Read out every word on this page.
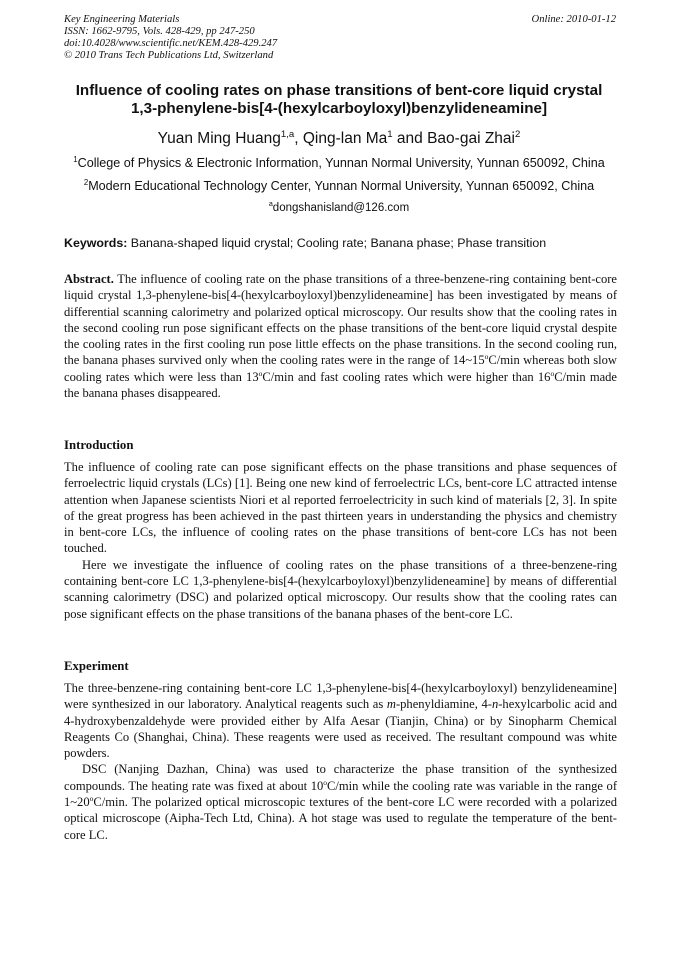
Key Engineering Materials
ISSN: 1662-9795, Vols. 428-429, pp 247-250
doi:10.4028/www.scientific.net/KEM.428-429.247
© 2010 Trans Tech Publications Ltd, Switzerland
Online: 2010-01-12
Influence of cooling rates on phase transitions of bent-core liquid crystal
1,3-phenylene-bis[4-(hexylcarboyloxyl)benzylideneamine]
Yuan Ming Huang$^{1,a}$, Qing-lan Ma$^1$ and Bao-gai Zhai$^2$
$^1$College of Physics & Electronic Information, Yunnan Normal University, Yunnan 650092, China
$^2$Modern Educational Technology Center, Yunnan Normal University, Yunnan 650092, China
$^a$dongshanisland@126.com
Keywords: Banana-shaped liquid crystal; Cooling rate; Banana phase; Phase transition

Abstract. The influence of cooling rate on the phase transitions of a three-benzene-ring containing bent-core liquid crystal 1,3-phenylene-bis[4-(hexylcarboyloxyl)benzylideneamine] has been investigated by means of differential scanning calorimetry and polarized optical microscopy. Our results show that the cooling rates in the second cooling run pose significant effects on the phase transitions of the bent-core liquid crystal despite the cooling rates in the first cooling run pose little effects on the phase transitions. In the second cooling run, the banana phases survived only when the cooling rates were in the range of 14~15$^o$C/min whereas both slow cooling rates which were less than 13$^o$C/min and fast cooling rates which were higher than 16$^o$C/min made the banana phases disappeared.

Introduction

The influence of cooling rate can pose significant effects on the phase transitions and phase sequences of ferroelectric liquid crystals (LCs) [1]. Being one new kind of ferroelectric LCs, bent-core LC attracted intense attention when Japanese scientists Niori et al reported ferroelectricity in such kind of materials [2, 3]. In spite of the great progress has been achieved in the past thirteen years in understanding the physics and chemistry in bent-core LCs, the influence of cooling rates on the phase transitions of bent-core LCs has not been touched.

Here we investigate the influence of cooling rates on the phase transitions of a three-benzene-ring containing bent-core LC 1,3-phenylene-bis[4-(hexylcarboyloxyl)benzylideneamine] by means of differential scanning calorimetry (DSC) and polarized optical microscopy. Our results show that the cooling rates can pose significant effects on the phase transitions of the banana phases of the bent-core LC.

Experiment

The three-benzene-ring containing bent-core LC 1,3-phenylene-bis[4-(hexylcarboyloxyl) benzylideneamine] were synthesized in our laboratory. Analytical reagents such as m-phenyldiamine, 4-n-hexylcarbolic acid and 4-hydroxybenzaldehyde were provided either by Alfa Aesar (Tianjin, China) or by Sinopharm Chemical Reagents Co (Shanghai, China). These reagents were used as received. The resultant compound was white powders.

DSC (Nanjing Dazhan, China) was used to characterize the phase transition of the synthesized compounds. The heating rate was fixed at about 10$^o$C/min while the cooling rate was variable in the range of 1~20$^o$C/min. The polarized optical microscopic textures of the bent-core LC were recorded with a polarized optical microscope (Aipha-Tech Ltd, China). A hot stage was used to regulate the temperature of the bent-core LC.
